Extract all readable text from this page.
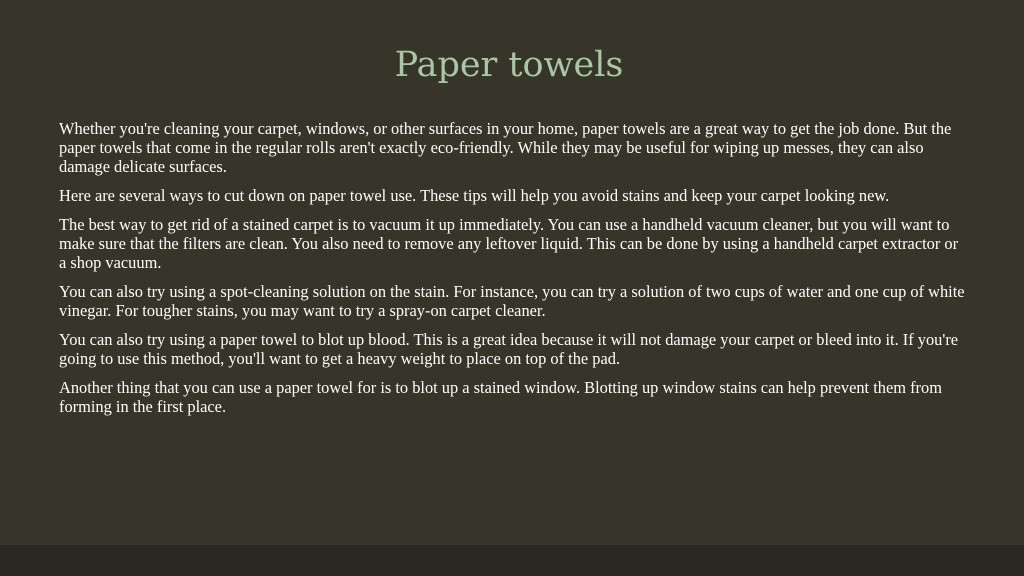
Paper towels

Whether you're cleaning your carpet, windows, or other surfaces in your home, paper towels are a great way to get the job done. But the paper towels that come in the regular rolls aren't exactly eco-friendly. While they may be useful for wiping up messes, they can also damage delicate surfaces.

Here are several ways to cut down on paper towel use. These tips will help you avoid stains and keep your carpet looking new.

The best way to get rid of a stained carpet is to vacuum it up immediately. You can use a handheld vacuum cleaner, but you will want to make sure that the filters are clean. You also need to remove any leftover liquid. This can be done by using a handheld carpet extractor or a shop vacuum.

You can also try using a spot-cleaning solution on the stain. For instance, you can try a solution of two cups of water and one cup of white vinegar. For tougher stains, you may want to try a spray-on carpet cleaner.

You can also try using a paper towel to blot up blood. This is a great idea because it will not damage your carpet or bleed into it. If you're going to use this method, you'll want to get a heavy weight to place on top of the pad.

Another thing that you can use a paper towel for is to blot up a stained window. Blotting up window stains can help prevent them from forming in the first place.
